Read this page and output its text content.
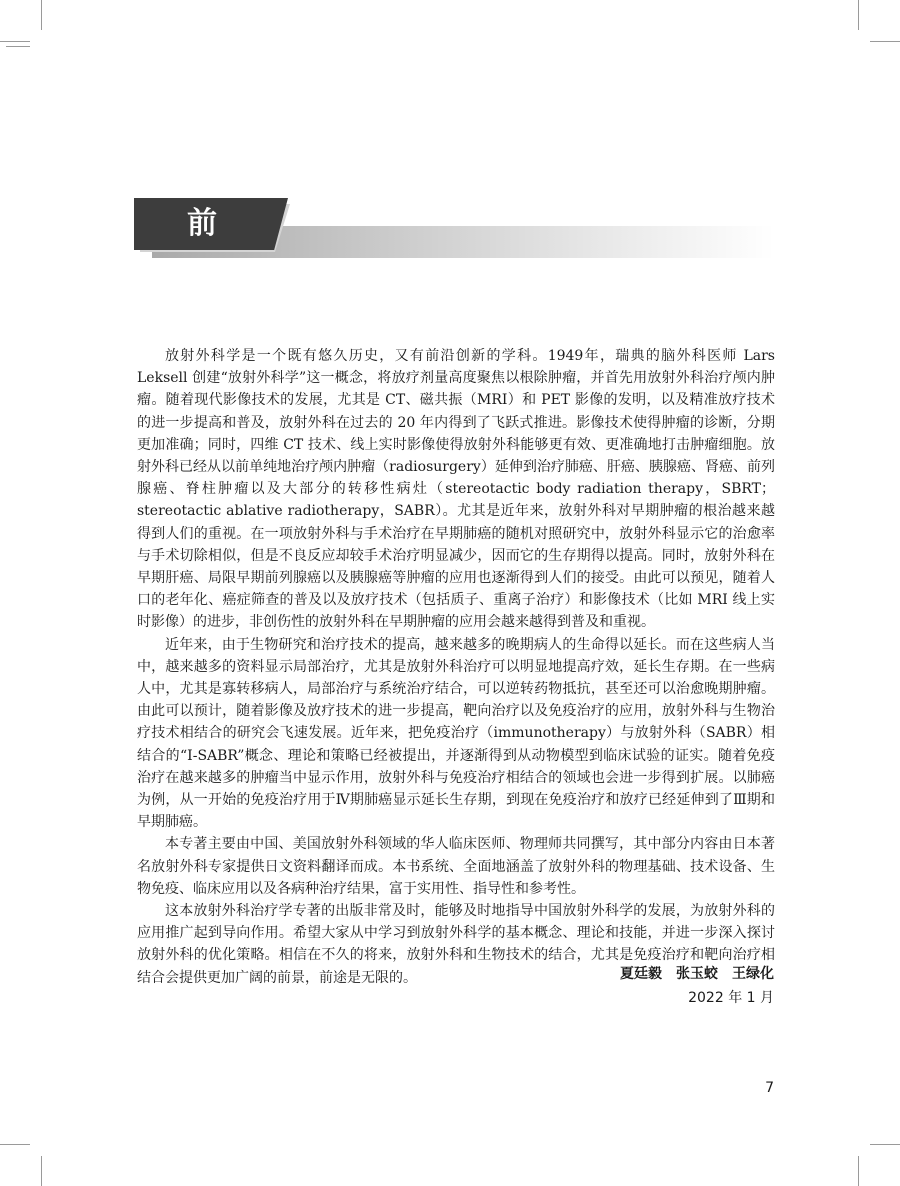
前　言

放射外科学是一个既有悠久历史，又有前沿创新的学科。1949年，瑞典的脑外科医师 Lars Leksell 创建“放射外科学”这一概念，将放疗剂量高度聚焦以根除肿瘤，并首先用放射外科治疗颅内肿瘤。随着现代影像技术的发展，尤其是 CT、磁共振（MRI）和 PET 影像的发明，以及精准放疗技术的进一步提高和普及，放射外科在过去的 20 年内得到了飞跃式推进。影像技术使得肿瘤的诊断，分期更加准确；同时，四维 CT 技术、线上实时影像使得放射外科能够更有效、更准确地打击肿瘤细胞。放射外科已经从以前单纯地治疗颅内肿瘤（radiosurgery）延伸到治疗肺癌、肝癌、胰腺癌、肾癌、前列腺癌、脊柱肿瘤以及大部分的转移性病灶（stereotactic body radiation therapy，SBRT；stereotactic ablative radiotherapy，SABR）。尤其是近年来，放射外科对早期肿瘤的根治越来越得到人们的重视。在一项放射外科与手术治疗在早期肺癌的随机对照研究中，放射外科显示它的治愈率与手术切除相似，但是不良反应却较手术治疗明显减少，因而它的生存期得以提高。同时，放射外科在早期肝癌、局限早期前列腺癌以及胰腺癌等肿瘤的应用也逐渐得到人们的接受。由此可以预见，随着人口的老年化、癌症筛查的普及以及放疗技术（包括质子、重离子治疗）和影像技术（比如 MRI 线上实时影像）的进步，非创伤性的放射外科在早期肿瘤的应用会越来越得到普及和重视。

近年来，由于生物研究和治疗技术的提高，越来越多的晚期病人的生命得以延长。而在这些病人当中，越来越多的资料显示局部治疗，尤其是放射外科治疗可以明显地提高疗效，延长生存期。在一些病人中，尤其是寡转移病人，局部治疗与系统治疗结合，可以逆转药物抵抗，甚至还可以治愈晚期肿瘤。由此可以预计，随着影像及放疗技术的进一步提高，靶向治疗以及免疫治疗的应用，放射外科与生物治疗技术相结合的研究会飞速发展。近年来，把免疫治疗（immunotherapy）与放射外科（SABR）相结合的“I-SABR”概念、理论和策略已经被提出，并逐渐得到从动物模型到临床试验的证实。随着免疫治疗在越来越多的肿瘤当中显示作用，放射外科与免疫治疗相结合的领域也会进一步得到扩展。以肺癌为例，从一开始的免疫治疗用于Ⅳ期肺癌显示延长生存期，到现在免疫治疗和放疗已经延伸到了Ⅲ期和早期肺癌。

本专著主要由中国、美国放射外科领域的华人临床医师、物理师共同撰写，其中部分内容由日本著名放射外科专家提供日文资料翻译而成。本书系统、全面地涵盖了放射外科的物理基础、技术设备、生物免疫、临床应用以及各病种治疗结果，富于实用性、指导性和参考性。

这本放射外科治疗学专著的出版非常及时，能够及时地指导中国放射外科学的发展，为放射外科的应用推广起到导向作用。希望大家从中学习到放射外科学的基本概念、理论和技能，并进一步深入探讨放射外科的优化策略。相信在不久的将来，放射外科和生物技术的结合，尤其是免疫治疗和靶向治疗相结合会提供更加广阔的前景，前途是无限的。	夏廷毅　张玉蛟　王绿化
2022 年 1 月
7
